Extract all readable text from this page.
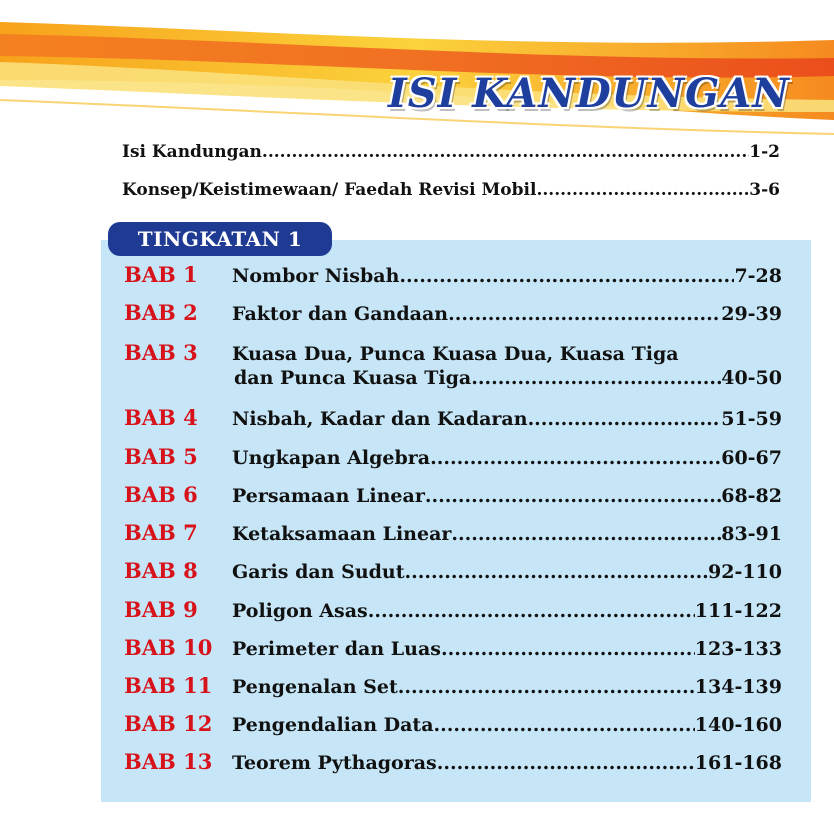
ISI KANDUNGAN
Isi Kandungan .....	1-2
Konsep/Keistimewaan/ Faedah Revisi Mobil .....	3-6
TINGKATAN 1
BAB 1	Nombor Nisbah .....	7-28
BAB 2	Faktor dan Gandaan .....	29-39
BAB 3	Kuasa Dua, Punca Kuasa Dua, Kuasa Tiga
dan Punca Kuasa Tiga .....	40-50
BAB 4	Nisbah, Kadar dan Kadaran .....	51-59
BAB 5	Ungkapan Algebra .....	60-67
BAB 6	Persamaan Linear .....	68-82
BAB 7	Ketaksamaan Linear .....	83-91
BAB 8	Garis dan Sudut .....	92-110
BAB 9	Poligon Asas .....	111-122
BAB 10	Perimeter dan Luas .....	123-133
BAB 11	Pengenalan Set .....	134-139
BAB 12	Pengendalian Data .....	140-160
BAB 13	Teorem Pythagoras .....	161-168
